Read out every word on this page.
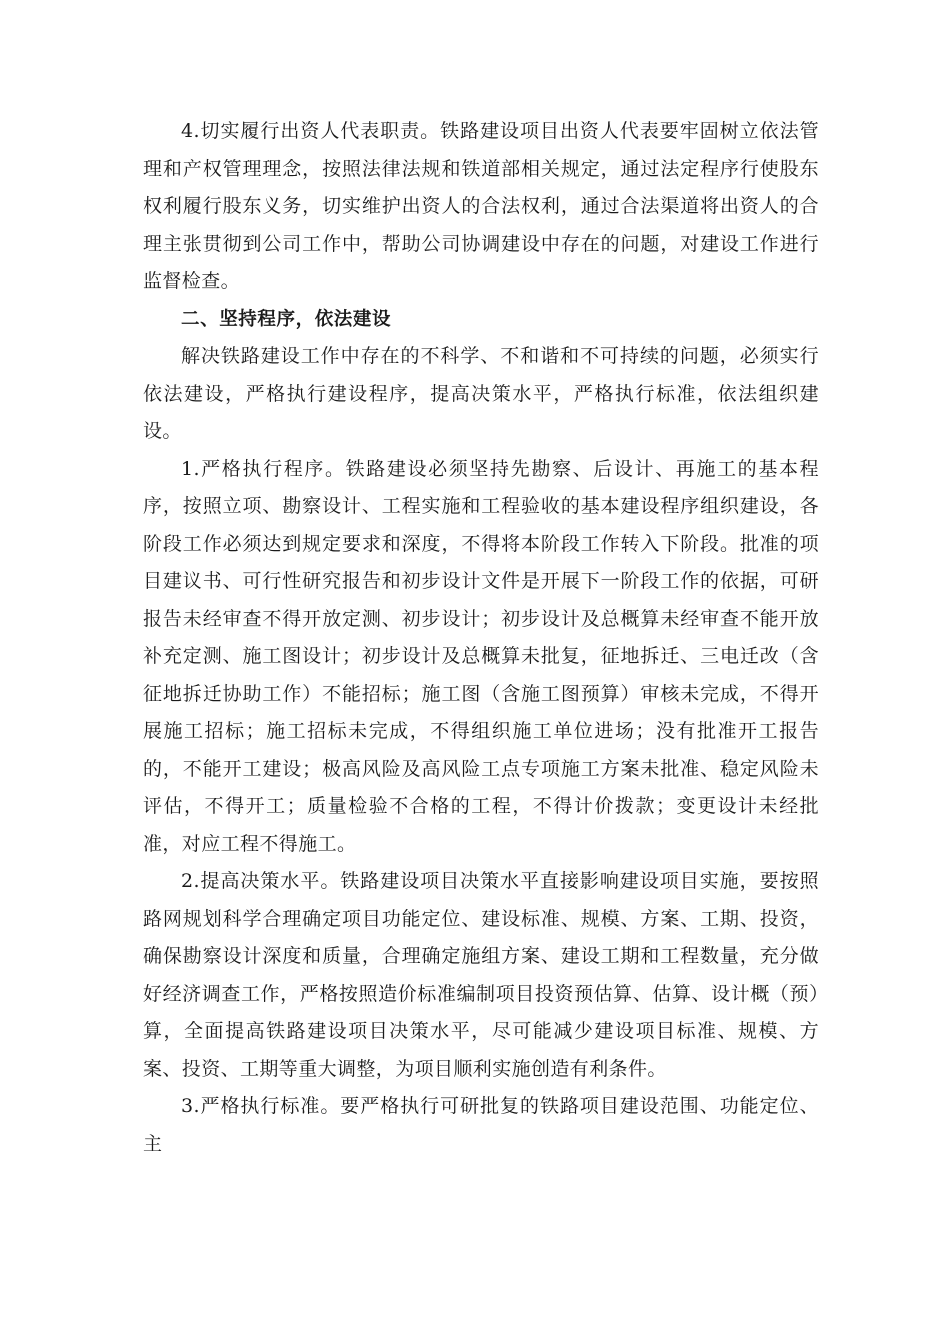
4.切实履行出资人代表职责。铁路建设项目出资人代表要牢固树立依法管理和产权管理理念，按照法律法规和铁道部相关规定，通过法定程序行使股东权利履行股东义务，切实维护出资人的合法权利，通过合法渠道将出资人的合理主张贯彻到公司工作中，帮助公司协调建设中存在的问题，对建设工作进行监督检查。

二、坚持程序，依法建设

解决铁路建设工作中存在的不科学、不和谐和不可持续的问题，必须实行依法建设，严格执行建设程序，提高决策水平，严格执行标准，依法组织建设。

1.严格执行程序。铁路建设必须坚持先勘察、后设计、再施工的基本程序，按照立项、勘察设计、工程实施和工程验收的基本建设程序组织建设，各阶段工作必须达到规定要求和深度，不得将本阶段工作转入下阶段。批准的项目建议书、可行性研究报告和初步设计文件是开展下一阶段工作的依据，可研报告未经审查不得开放定测、初步设计；初步设计及总概算未经审查不能开放补充定测、施工图设计；初步设计及总概算未批复，征地拆迁、三电迁改（含征地拆迁协助工作）不能招标；施工图（含施工图预算）审核未完成，不得开展施工招标；施工招标未完成，不得组织施工单位进场；没有批准开工报告的，不能开工建设；极高风险及高风险工点专项施工方案未批准、稳定风险未评估，不得开工；质量检验不合格的工程，不得计价拨款；变更设计未经批准，对应工程不得施工。

2.提高决策水平。铁路建设项目决策水平直接影响建设项目实施，要按照路网规划科学合理确定项目功能定位、建设标准、规模、方案、工期、投资，确保勘察设计深度和质量，合理确定施组方案、建设工期和工程数量，充分做好经济调查工作，严格按照造价标准编制项目投资预估算、估算、设计概（预）算，全面提高铁路建设项目决策水平，尽可能减少建设项目标准、规模、方案、投资、工期等重大调整，为项目顺利实施创造有利条件。

3.严格执行标准。要严格执行可研批复的铁路项目建设范围、功能定位、主
